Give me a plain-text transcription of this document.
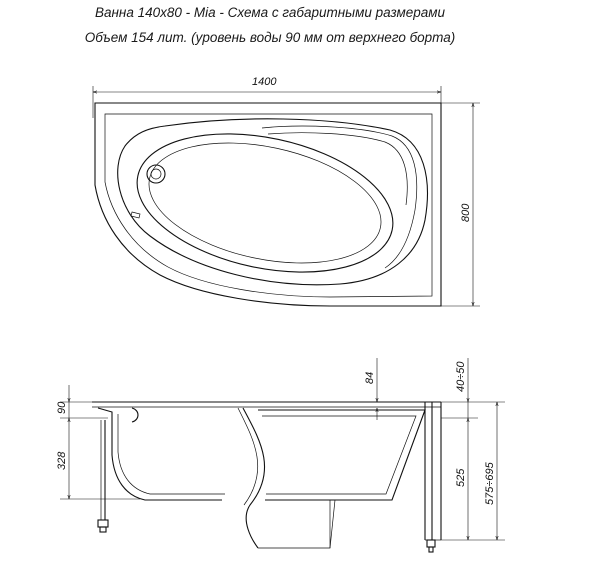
Ванна 140x80 - Mia - Схема с габаритными размерами
Объем 154 лит. (уровень воды 90 мм от верхнего борта)
1400
800
90
328
84	40÷50
525 575÷695
